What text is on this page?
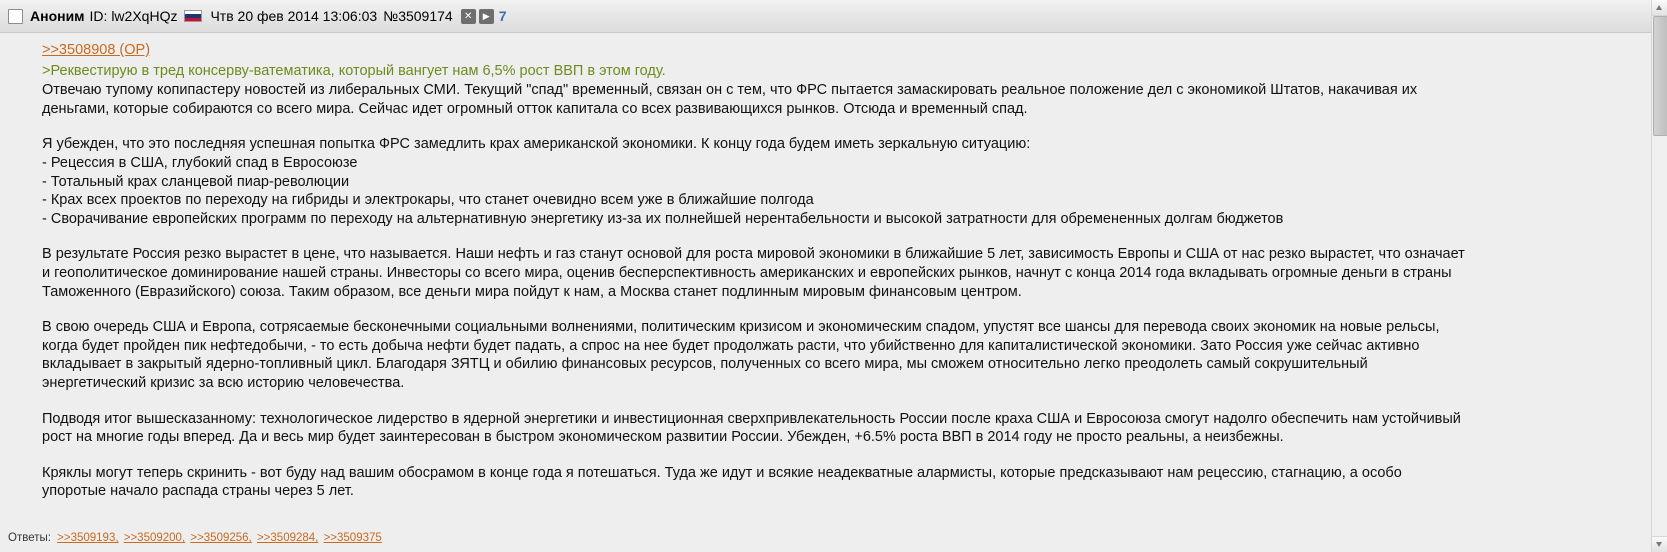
Аноним ID: lw2XqHQz Чтв 20 фев 2014 13:06:03 №3509174	✕	▶ 7
>>3508908 (OP)
>Реквестирую в тред консерву-ватематика, который вангует нам 6,5% рост ВВП в этом году.

Отвечаю тупому копипастеру новостей из либеральных СМИ. Текущий "спад" временный, связан он с тем, что ФРС пытается замаскировать реальное положение дел с экономикой Штатов, накачивая их
деньгами, которые собираются со всего мира. Сейчас идет огромный отток капитала со всех развивающихся рынков. Отсюда и временный спад.

Я убежден, что это последняя успешная попытка ФРС замедлить крах американской экономики. К концу года будем иметь зеркальную ситуацию:
- Рецессия в США, глубокий спад в Евросоюзе
- Тотальный крах сланцевой пиар-революции
- Крах всех проектов по переходу на гибриды и электрокары, что станет очевидно всем уже в ближайшие полгода
- Сворачивание европейских программ по переходу на альтернативную энергетику из-за их полнейшей нерентабельности и высокой затратности для обремененных долгам бюджетов

В результате Россия резко вырастет в цене, что называется. Наши нефть и газ станут основой для роста мировой экономики в ближайшие 5 лет, зависимость Европы и США от нас резко вырастет, что означает
и геополитическое доминирование нашей страны. Инвесторы со всего мира, оценив бесперспективность американских и европейских рынков, начнут с конца 2014 года вкладывать огромные деньги в страны
Таможенного (Евразийского) союза. Таким образом, все деньги мира пойдут к нам, а Москва станет подлинным мировым финансовым центром.

В свою очередь США и Европа, сотрясаемые бесконечными социальными волнениями, политическим кризисом и экономическим спадом, упустят все шансы для перевода своих экономик на новые рельсы,
когда будет пройден пик нефтедобычи, - то есть добыча нефти будет падать, а спрос на нее будет продолжать расти, что убийственно для капиталистической экономики. Зато Россия уже сейчас активно
вкладывает в закрытый ядерно-топливный цикл. Благодаря ЗЯТЦ и обилию финансовых ресурсов, полученных со всего мира, мы сможем относительно легко преодолеть самый сокрушительный
энергетический кризис за всю историю человечества.

Подводя итог вышесказанному: технологическое лидерство в ядерной энергетики и инвестиционная сверхпривлекательность России после краха США и Евросоюза смогут надолго обеспечить нам устойчивый
рост на многие годы вперед. Да и весь мир будет заинтересован в быстром экономическом развитии России. Убежден, +6.5% роста ВВП в 2014 году не просто реальны, а неизбежны.

Кряклы могут теперь скринить - вот буду над вашим обосрамом в конце года я потешаться. Туда же идут и всякие неадекватные алармисты, которые предсказывают нам рецессию, стагнацию, а особо
упоротые начало распада страны через 5 лет.

Ответы: >>3509193, >>3509200, >>3509256, >>3509284, >>3509375
